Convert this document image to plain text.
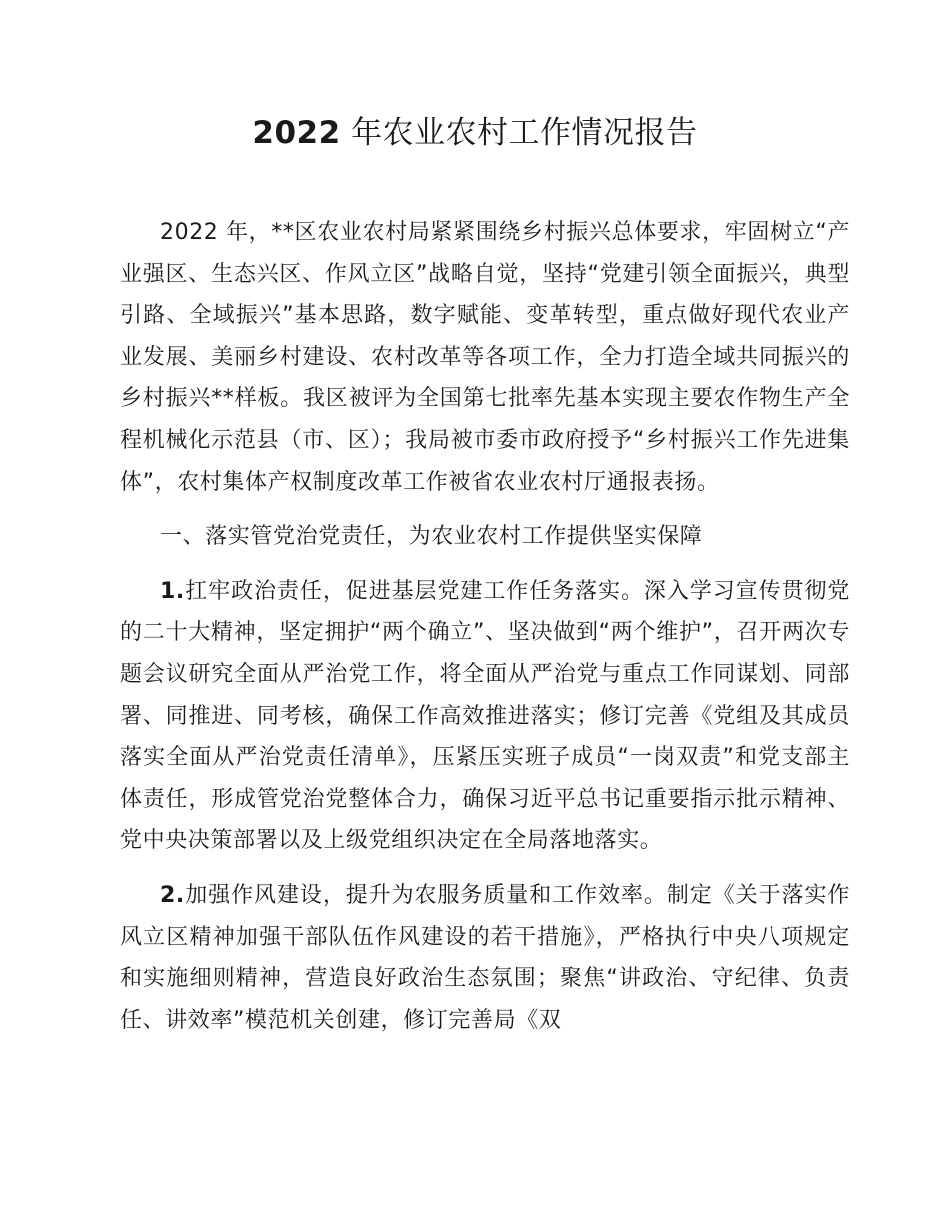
2022 年农业农村工作情况报告

2022 年，**区农业农村局紧紧围绕乡村振兴总体要求，牢固树立“产业强区、生态兴区、作风立区”战略自觉，坚持“党建引领全面振兴，典型引路、全域振兴”基本思路，数字赋能、变革转型，重点做好现代农业产业发展、美丽乡村建设、农村改革等各项工作，全力打造全域共同振兴的乡村振兴**样板。我区被评为全国第七批率先基本实现主要农作物生产全程机械化示范县（市、区）；我局被市委市政府授予“乡村振兴工作先进集体”，农村集体产权制度改革工作被省农业农村厅通报表扬。

一、落实管党治党责任，为农业农村工作提供坚实保障

1.扛牢政治责任，促进基层党建工作任务落实。深入学习宣传贯彻党的二十大精神，坚定拥护“两个确立”、坚决做到“两个维护”，召开两次专题会议研究全面从严治党工作，将全面从严治党与重点工作同谋划、同部署、同推进、同考核，确保工作高效推进落实；修订完善《党组及其成员落实全面从严治党责任清单》，压紧压实班子成员“一岗双责”和党支部主体责任，形成管党治党整体合力，确保习近平总书记重要指示批示精神、党中央决策部署以及上级党组织决定在全局落地落实。

2.加强作风建设，提升为农服务质量和工作效率。制定《关于落实作风立区精神加强干部队伍作风建设的若干措施》，严格执行中央八项规定和实施细则精神，营造良好政治生态氛围；聚焦“讲政治、守纪律、负责任、讲效率”模范机关创建，修订完善局《双
